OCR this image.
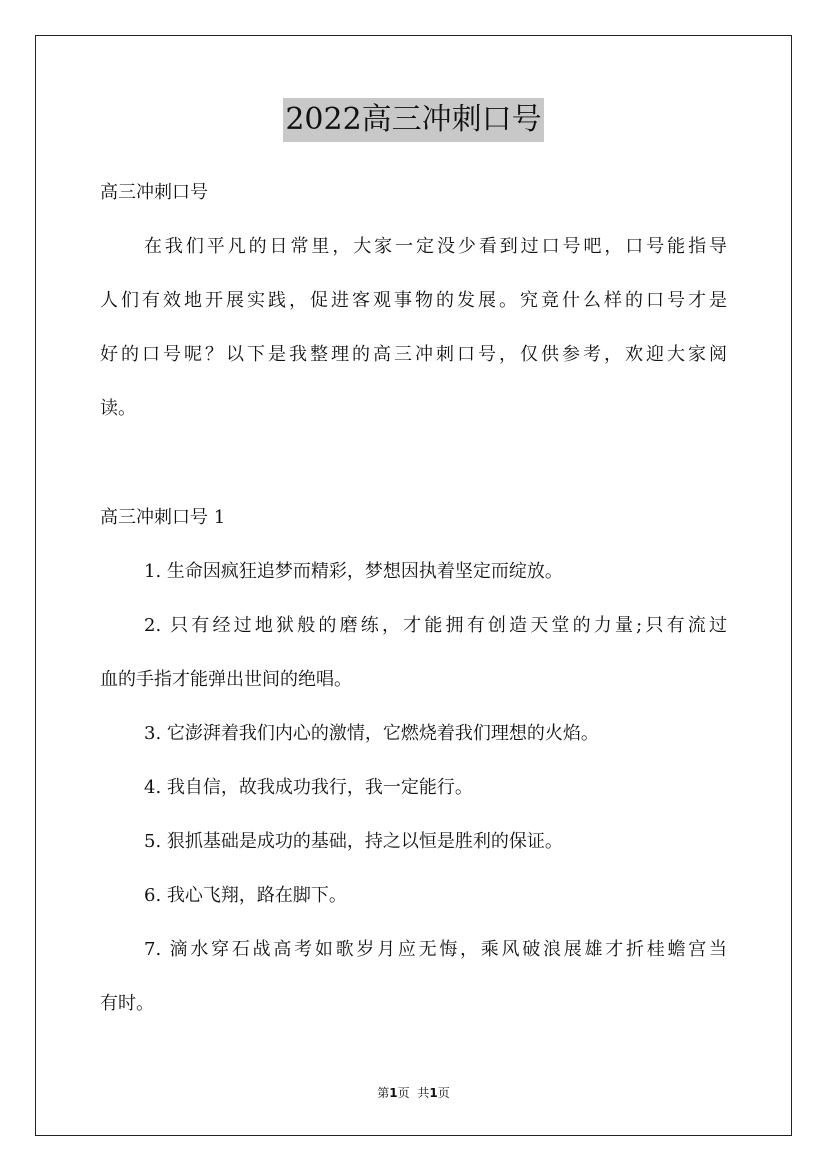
2022高三冲刺口号
高三冲刺口号
在我们平凡的日常里，大家一定没少看到过口号吧，口号能指导
人们有效地开展实践，促进客观事物的发展。究竟什么样的口号才是
好的口号呢？以下是我整理的高三冲刺口号，仅供参考，欢迎大家阅
读。
高三冲刺口号 1
1. 生命因疯狂追梦而精彩，梦想因执着坚定而绽放。
2. 只有经过地狱般的磨练，才能拥有创造天堂的力量;只有流过
血的手指才能弹出世间的绝唱。
3. 它澎湃着我们内心的激情，它燃烧着我们理想的火焰。
4. 我自信，故我成功我行，我一定能行。
5. 狠抓基础是成功的基础，持之以恒是胜利的保证。
6. 我心飞翔，路在脚下。
7. 滴水穿石战高考如歌岁月应无悔，乘风破浪展雄才折桂蟾宫当
有时。
第1页 共1页
